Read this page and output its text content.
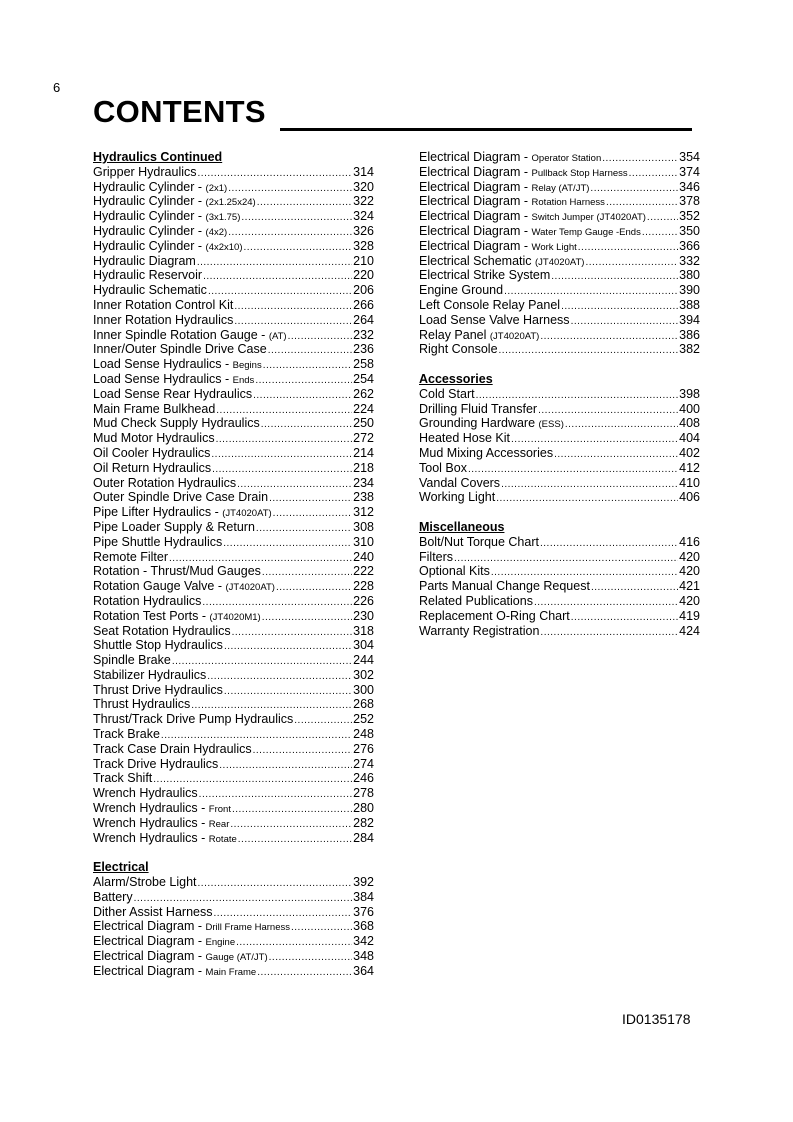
6
CONTENTS
Hydraulics Continued
Gripper Hydraulics .....	314
Hydraulic Cylinder - (2x1) .....	320
Hydraulic Cylinder - (2x1.25x24) .....	322
Hydraulic Cylinder - (3x1.75) .....	324
Hydraulic Cylinder - (4x2) .....	326
Hydraulic Cylinder - (4x2x10) .....	328
Hydraulic Diagram .....	210
Hydraulic Reservoir .....	220
Hydraulic Schematic .....	206
Inner Rotation Control Kit .....	266
Inner Rotation Hydraulics .....	264
Inner Spindle Rotation Gauge - (AT) .....	232
Inner/Outer Spindle Drive Case .....	236
Load Sense Hydraulics - Begins .....	258
Load Sense Hydraulics - Ends .....	254
Load Sense Rear Hydraulics .....	262
Main Frame Bulkhead .....	224
Mud Check Supply Hydraulics .....	250
Mud Motor Hydraulics .....	272
Oil Cooler Hydraulics .....	214
Oil Return Hydraulics .....	218
Outer Rotation Hydraulics .....	234
Outer Spindle Drive Case Drain .....	238
Pipe Lifter Hydraulics - (JT4020AT) .....	312
Pipe Loader Supply & Return .....	308
Pipe Shuttle Hydraulics .....	310
Remote Filter .....	240
Rotation - Thrust/Mud Gauges .....	222
Rotation Gauge Valve - (JT4020AT) .....	228
Rotation Hydraulics .....	226
Rotation Test Ports - (JT4020M1) .....	230
Seat Rotation Hydraulics .....	318
Shuttle Stop Hydraulics .....	304
Spindle Brake .....	244
Stabilizer Hydraulics .....	302
Thrust Drive Hydraulics .....	300
Thrust Hydraulics .....	268
Thrust/Track Drive Pump Hydraulics .....	252
Track Brake .....	248
Track Case Drain Hydraulics .....	276
Track Drive Hydraulics .....	274
Track Shift .....	246
Wrench Hydraulics .....	278
Wrench Hydraulics - Front .....	280
Wrench Hydraulics - Rear .....	282
Wrench Hydraulics - Rotate .....	284
Electrical
Alarm/Strobe Light .....	392
Battery .....	384
Dither Assist Harness .....	376
Electrical Diagram - Drill Frame Harness .....	368
Electrical Diagram - Engine .....	342
Electrical Diagram - Gauge (AT/JT) .....	348
Electrical Diagram - Main Frame .....	364
Electrical Diagram - Operator Station .....	354
Electrical Diagram - Pullback Stop Harness .....	374
Electrical Diagram - Relay (AT/JT) .....	346
Electrical Diagram - Rotation Harness .....	378
Electrical Diagram - Switch Jumper (JT4020AT) .....	352
Electrical Diagram - Water Temp Gauge -Ends .....	350
Electrical Diagram - Work Light .....	366
Electrical Schematic (JT4020AT) .....	332
Electrical Strike System .....	380
Engine Ground .....	390
Left Console Relay Panel .....	388
Load Sense Valve Harness .....	394
Relay Panel (JT4020AT) .....	386
Right Console .....	382
Accessories
Cold Start .....	398
Drilling Fluid Transfer .....	400
Grounding Hardware (ESS) .....	408
Heated Hose Kit .....	404
Mud Mixing Accessories .....	402
Tool Box .....	412
Vandal Covers .....	410
Working Light .....	406
Miscellaneous
Bolt/Nut Torque Chart .....	416
Filters .....	420
Optional Kits .....	420
Parts Manual Change Request .....	421
Related Publications .....	420
Replacement O-Ring Chart .....	419
Warranty Registration .....	424
ID0135178
